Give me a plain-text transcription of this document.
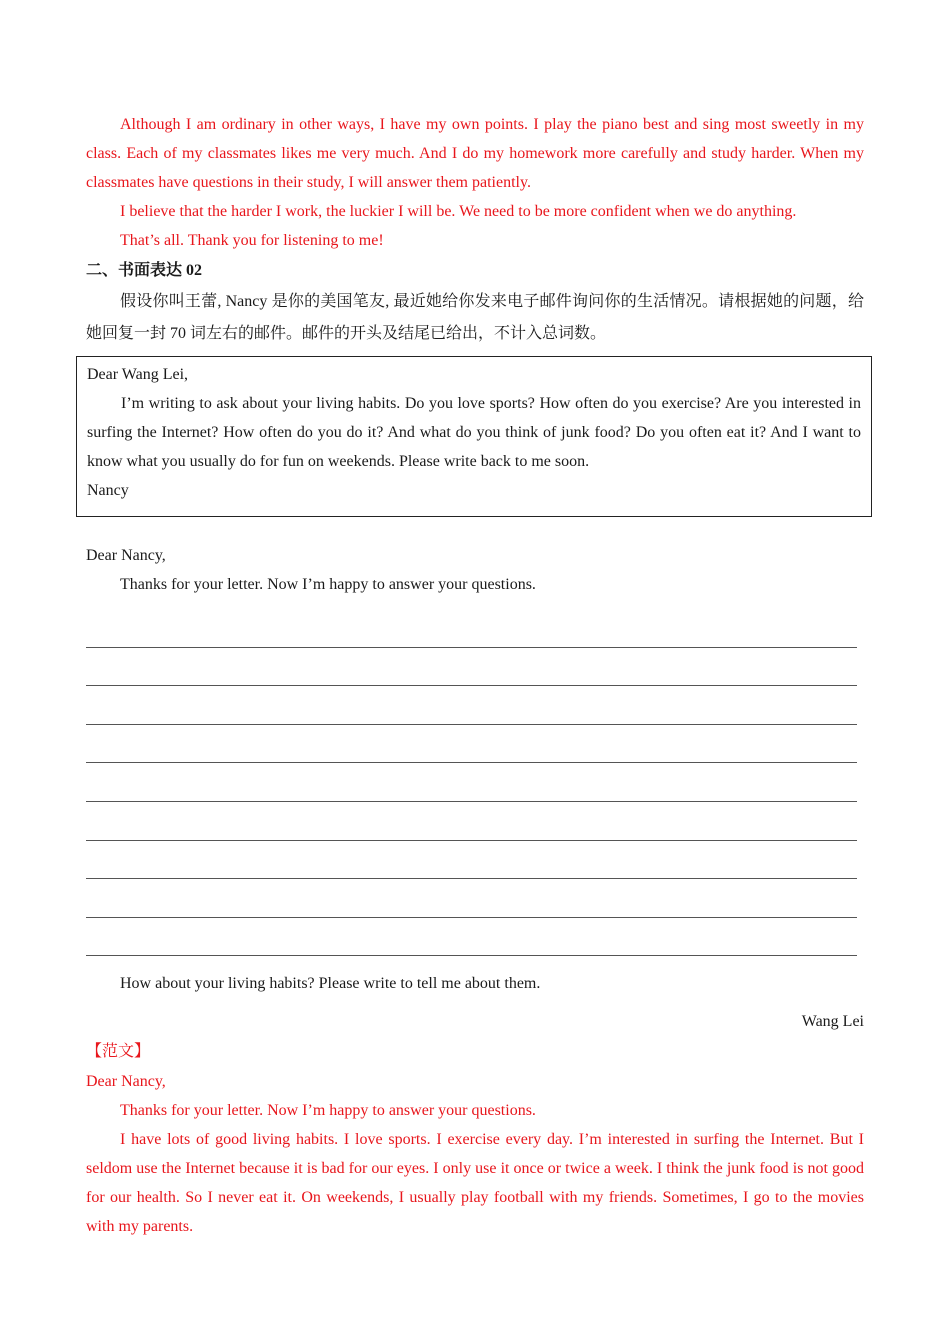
Although I am ordinary in other ways, I have my own points. I play the piano best and sing most sweetly in my class. Each of my classmates likes me very much. And I do my homework more carefully and study harder. When my classmates have questions in their study, I will answer them patiently.

I believe that the harder I work, the luckier I will be. We need to be more confident when we do anything.

That’s all. Thank you for listening to me!

二、书面表达 02

假设你叫王蕾, Nancy 是你的美国笔友, 最近她给你发来电子邮件询问你的生活情况。请根据她的问题，给她回复一封 70 词左右的邮件。邮件的开头及结尾已给出，不计入总词数。

Dear Wang Lei,

I’m writing to ask about your living habits. Do you love sports? How often do you exercise? Are you interested in surfing the Internet? How often do you do it? And what do you think of junk food? Do you often eat it? And I want to know what you usually do for fun on weekends. Please write back to me soon.

Nancy

Dear Nancy,

Thanks for your letter. Now I’m happy to answer your questions.

How about your living habits? Please write to tell me about them.

Wang Lei

【范文】

Dear Nancy,

Thanks for your letter. Now I’m happy to answer your questions.

I have lots of good living habits. I love sports. I exercise every day. I’m interested in surfing the Internet. But I seldom use the Internet because it is bad for our eyes. I only use it once or twice a week. I think the junk food is not good for our health. So I never eat it. On weekends, I usually play football with my friends. Sometimes, I go to the movies with my parents.
